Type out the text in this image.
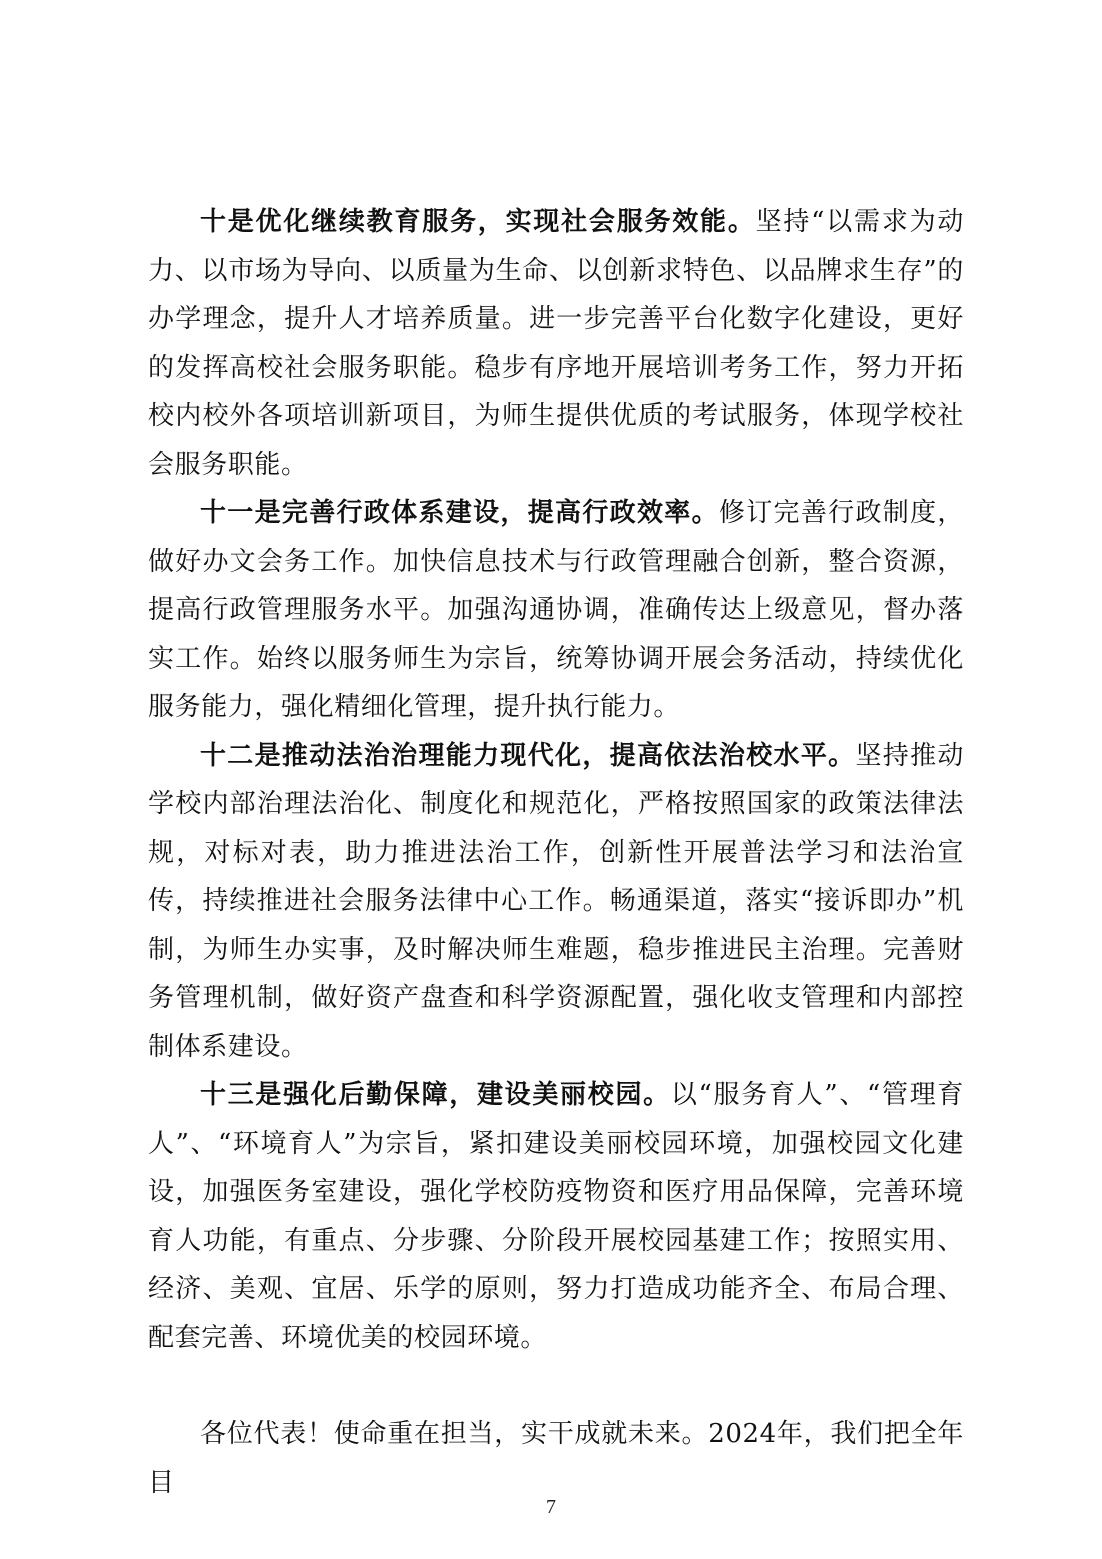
十是优化继续教育服务，实现社会服务效能。坚持“以需求为动力、以市场为导向、以质量为生命、以创新求特色、以品牌求生存”的办学理念，提升人才培养质量。进一步完善平台化数字化建设，更好的发挥高校社会服务职能。稳步有序地开展培训考务工作，努力开拓校内校外各项培训新项目，为师生提供优质的考试服务，体现学校社会服务职能。

十一是完善行政体系建设，提高行政效率。修订完善行政制度，做好办文会务工作。加快信息技术与行政管理融合创新，整合资源，提高行政管理服务水平。加强沟通协调，准确传达上级意见，督办落实工作。始终以服务师生为宗旨，统筹协调开展会务活动，持续优化服务能力，强化精细化管理，提升执行能力。

十二是推动法治治理能力现代化，提高依法治校水平。坚持推动学校内部治理法治化、制度化和规范化，严格按照国家的政策法律法规，对标对表，助力推进法治工作，创新性开展普法学习和法治宣传，持续推进社会服务法律中心工作。畅通渠道，落实“接诉即办”机制，为师生办实事，及时解决师生难题，稳步推进民主治理。完善财务管理机制，做好资产盘查和科学资源配置，强化收支管理和内部控制体系建设。

十三是强化后勤保障，建设美丽校园。以“服务育人”、“管理育人”、“环境育人”为宗旨，紧扣建设美丽校园环境，加强校园文化建设，加强医务室建设，强化学校防疫物资和医疗用品保障，完善环境育人功能，有重点、分步骤、分阶段开展校园基建工作；按照实用、经济、美观、宜居、乐学的原则，努力打造成功能齐全、布局合理、配套完善、环境优美的校园环境。

各位代表！使命重在担当，实干成就未来。2024年，我们把全年目

7
